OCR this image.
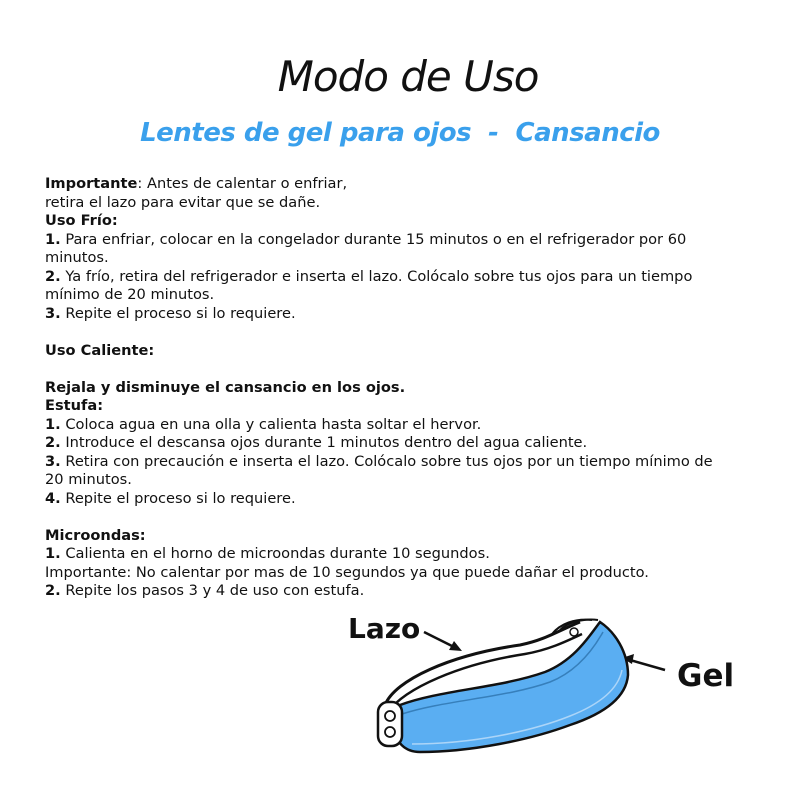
Modo de Uso
Lentes de gel para ojos  -  Cansancio
Importante: Antes de calentar o enfriar,
retira el lazo para evitar que se dañe.
Uso Frío:
1. Para enfriar, colocar en la congelador durante 15 minutos o en el refrigerador por 60
minutos.
2. Ya frío, retira del refrigerador e inserta el lazo. Colócalo sobre tus ojos para un tiempo
mínimo de 20 minutos.
3. Repite el proceso si lo requiere.
Uso Caliente:
Rejala y disminuye el cansancio en los ojos.
Estufa:
1. Coloca agua en una olla y calienta hasta soltar el hervor.
2. Introduce el descansa ojos durante 1 minutos dentro del agua caliente.
3. Retira con precaución e inserta el lazo. Colócalo sobre tus ojos por un tiempo mínimo de
20 minutos.
4. Repite el proceso si lo requiere.
Microondas:
1. Calienta en el horno de microondas durante 10 segundos.
Importante: No calentar por mas de 10 segundos ya que puede dañar el producto.
2. Repite los pasos 3 y 4 de uso con estufa.
Lazo
Gel
